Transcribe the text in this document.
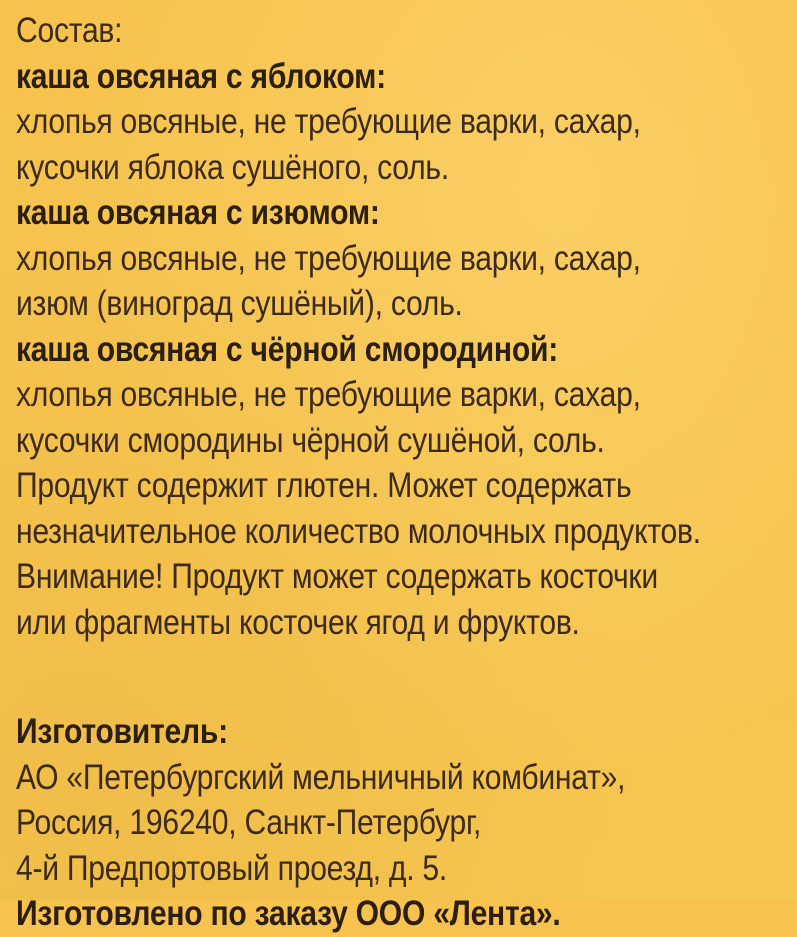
Состав:
каша овсяная с яблоком:
хлопья овсяные, не требующие варки, сахар,
кусочки яблока сушёного, соль.
каша овсяная с изюмом:
хлопья овсяные, не требующие варки, сахар,
изюм (виноград сушёный), соль.
каша овсяная с чёрной смородиной:
хлопья овсяные, не требующие варки, сахар,
кусочки смородины чёрной сушёной, соль.
Продукт содержит глютен. Может содержать
незначительное количество молочных продуктов.
Внимание! Продукт может содержать косточки
или фрагменты косточек ягод и фруктов.
Изготовитель:
АО «Петербургский мельничный комбинат»,
Россия, 196240, Санкт-Петербург,
4-й Предпортовый проезд, д. 5.
Изготовлено по заказу ООО «Лента».
